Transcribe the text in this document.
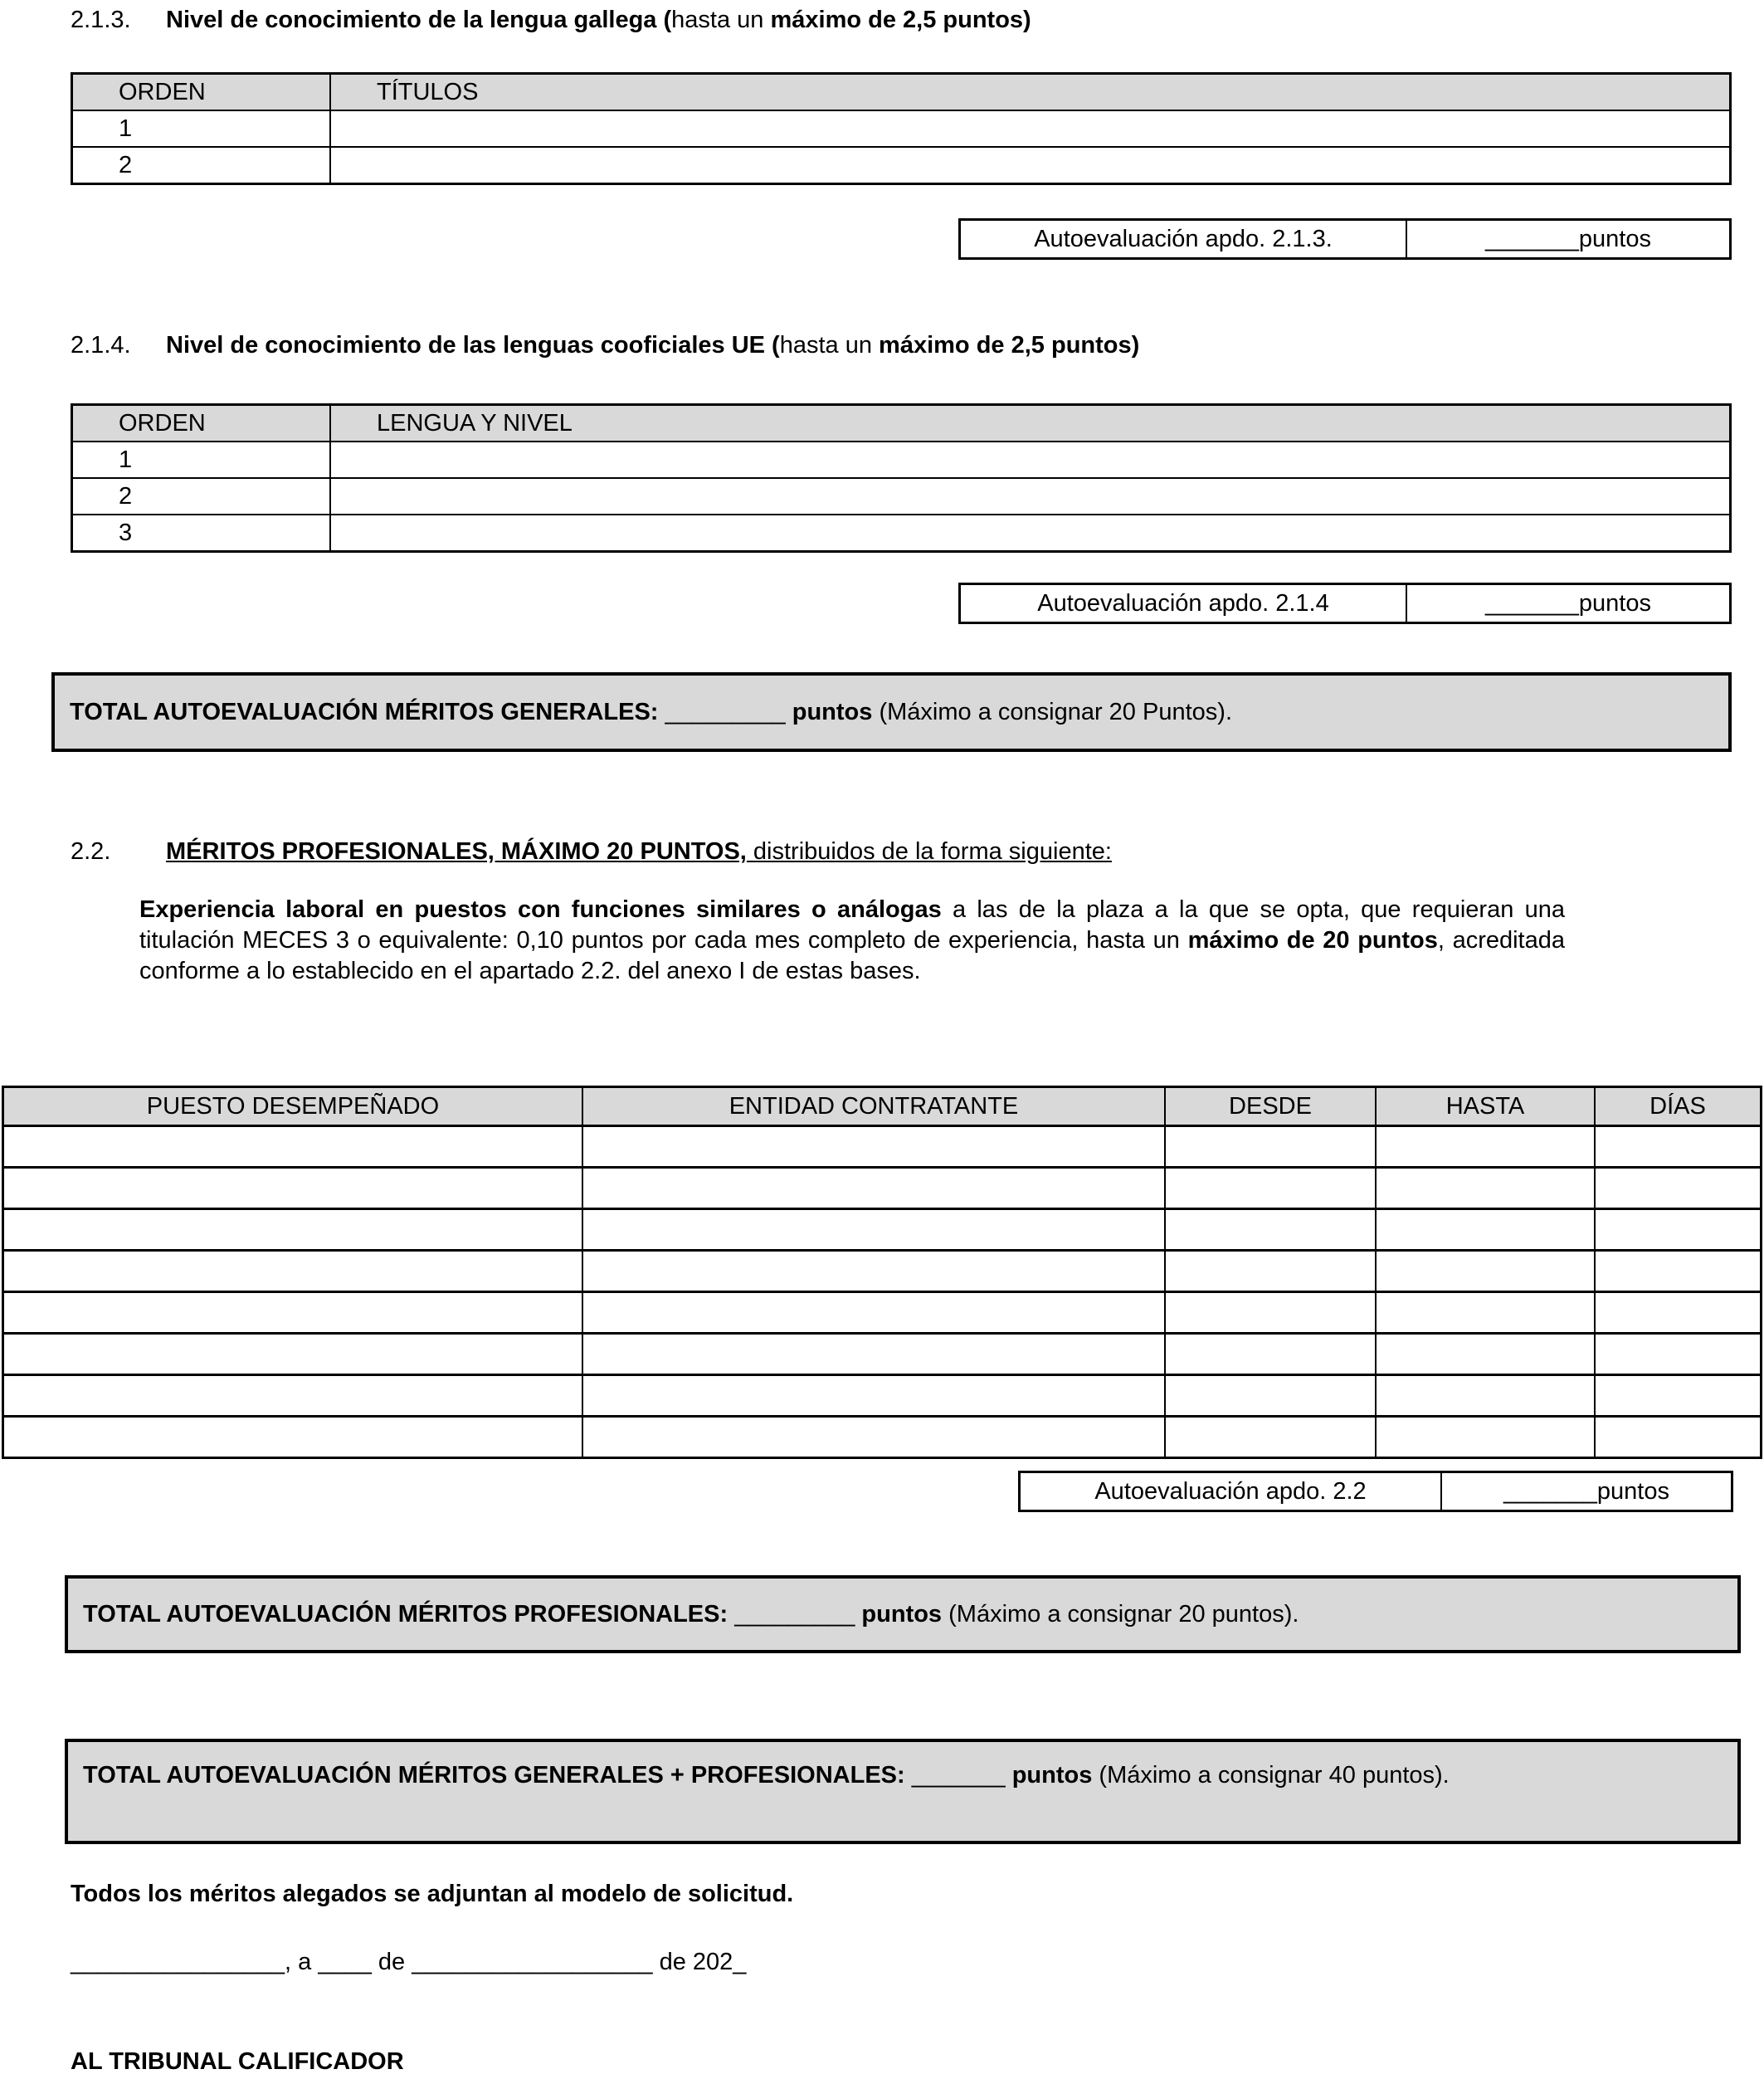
2.1.3.	Nivel de conocimiento de la lengua gallega (hasta un máximo de 2,5 puntos)
ORDEN	TÍTULOS
1	
2	
Autoevaluación apdo. 2.1.3.	_______ puntos
2.1.4.	Nivel de conocimiento de las lenguas cooficiales UE (hasta un máximo de 2,5 puntos)
ORDEN	LENGUA Y NIVEL
1	
2	
3	
Autoevaluación apdo. 2.1.4	_______ puntos
TOTAL AUTOEVALUACIÓN MÉRITOS GENERALES: _________ puntos (Máximo a consignar 20 Puntos).
2.2.	MÉRITOS PROFESIONALES, MÁXIMO 20 PUNTOS, distribuidos de la forma siguiente:
Experiencia laboral en puestos con funciones similares o análogas a las de la plaza a la que se opta, que requieran una titulación MECES 3 o equivalente: 0,10 puntos por cada mes completo de experiencia, hasta un máximo de 20 puntos, acreditada conforme a lo establecido en el apartado 2.2. del anexo I de estas bases.
PUESTO DESEMPEÑADO	ENTIDAD CONTRATANTE	DESDE	HASTA	DÍAS

Autoevaluación apdo. 2.2	_______ puntos
TOTAL AUTOEVALUACIÓN MÉRITOS PROFESIONALES: _________ puntos (Máximo a consignar 20 puntos).
TOTAL AUTOEVALUACIÓN MÉRITOS GENERALES + PROFESIONALES: _______ puntos (Máximo a consignar 40 puntos).
Todos los méritos alegados se adjuntan al modelo de solicitud.
________________, a ____ de __________________ de 202_
AL TRIBUNAL CALIFICADOR
